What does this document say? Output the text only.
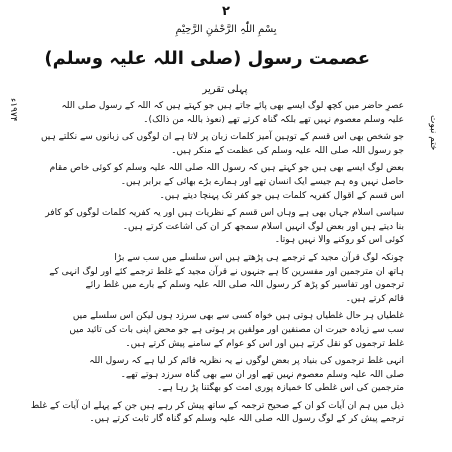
٢
بِسْمِ اللّٰہِ الرَّحْمٰنِ الرَّحِیْمِ
ختم نبوت
۱۹۷۴ء
عصمت رسول (صلی اللہ علیہ وسلم)
پہلی تقریر
عصرِ حاضر میں کچھ لوگ ایسے بھی پائے جاتے ہیں جو کہتے ہیں کہ اللہ کے رسول صلی اللہ
علیہ وسلم معصوم نہیں تھے بلکہ گناہ کرتے تھے (نعوذ باللہ من ذالک)۔
جو شخص بھی اس قسم کے توہین آمیز کلمات زبان پر لاتا ہے ان لوگوں کی زبانوں سے نکلتے ہیں
جو رسول اللہ صلی اللہ علیہ وسلم کی عظمت کے منکر ہیں۔
بعض لوگ ایسے بھی ہیں جو کہتے ہیں کہ رسول اللہ صلی اللہ علیہ وسلم کو کوئی خاص مقام
حاصل نہیں وہ ہم جیسے ایک انسان تھے اور ہمارے بڑے بھائی کے برابر ہیں۔
اس قسم کے اقوال کفریہ کلمات ہیں جو کفر تک پہنچا دیتے ہیں۔
سیاسی اسلام جہاں بھی ہے وہاں اس قسم کے نظریات ہیں اور یہ کفریہ کلمات لوگوں کو کافر
بنا دیتے ہیں اور بعض لوگ انہیں اسلام سمجھ کر ان کی اشاعت کرتے ہیں۔
کوئی اس کو روکنے والا نہیں ہوتا۔
چونکہ لوگ قرآن مجید کے ترجمے ہی پڑھتے ہیں اس سلسلے میں سب سے بڑا
ہاتھ ان مترجمین اور مفسرین کا ہے جنہوں نے قرآن مجید کے غلط ترجمے کئے اور لوگ انہی کے
ترجموں اور تفاسیر کو پڑھ کر رسول اللہ صلی اللہ علیہ وسلم کے بارے میں غلط رائے
قائم کرتے ہیں۔
غلطیاں ہر حال غلطیاں ہوتی ہیں خواہ کسی سے بھی سرزد ہوں لیکن اس سلسلے میں
سب سے زیادہ حیرت ان مصنفین اور مولفین پر ہوتی ہے جو محض اپنی بات کی تائید میں
غلط ترجموں کو نقل کرتے ہیں اور اس کو عوام کے سامنے پیش کرتے ہیں۔
انہی غلط ترجموں کی بنیاد پر بعض لوگوں نے یہ نظریہ قائم کر لیا ہے کہ رسول اللہ
صلی اللہ علیہ وسلم معصوم نہیں تھے اور ان سے بھی گناہ سرزد ہوتے تھے۔
مترجمین کی اس غلطی کا خمیازہ پوری امت کو بھگتنا پڑ رہا ہے۔
ذیل میں ہم ان آیات کو ان کے صحیح ترجمہ کے ساتھ پیش کر رہے ہیں جن کے پہلے ان آیات کے غلط
ترجمے پیش کر کے لوگ رسول اللہ صلی اللہ علیہ وسلم کو گناہ گار ثابت کرتے ہیں۔
